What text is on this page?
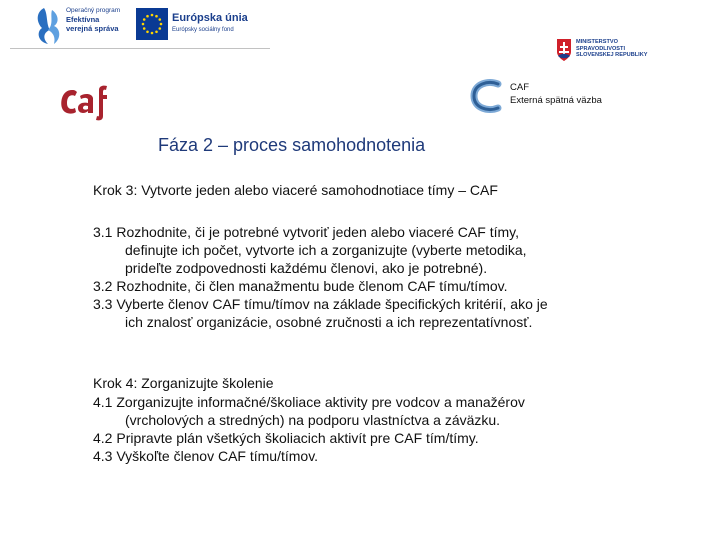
Operačný program
Efektívna
verejná správa
Európska únia
Európsky sociálny fond
MINISTERSTVO
SPRAVODLIVOSTI
SLOVENSKEJ REPUBLIKY
CAF
Externá spätná väzba
Fáza 2 – proces samohodnotenia
Krok 3: Vytvorte jeden alebo viaceré samohodnotiace tímy – CAF
3.1 Rozhodnite, či je potrebné vytvoriť jeden alebo viaceré CAF tímy,
definujte ich počet, vytvorte ich a zorganizujte (vyberte metodika,
prideľte zodpovednosti každému členovi, ako je potrebné).
3.2 Rozhodnite, či člen manažmentu bude členom CAF tímu/tímov.
3.3 Vyberte členov CAF tímu/tímov na základe špecifických kritérií, ako je
ich znalosť organizácie, osobné zručnosti a ich reprezentatívnosť.
Krok 4: Zorganizujte školenie
4.1 Zorganizujte informačné/školiace aktivity pre vodcov a manažérov
(vrcholových a stredných) na podporu vlastníctva a záväzku.
4.2 Pripravte plán všetkých školiacich aktivít pre CAF tím/tímy.
4.3 Vyškoľte členov CAF tímu/tímov.
